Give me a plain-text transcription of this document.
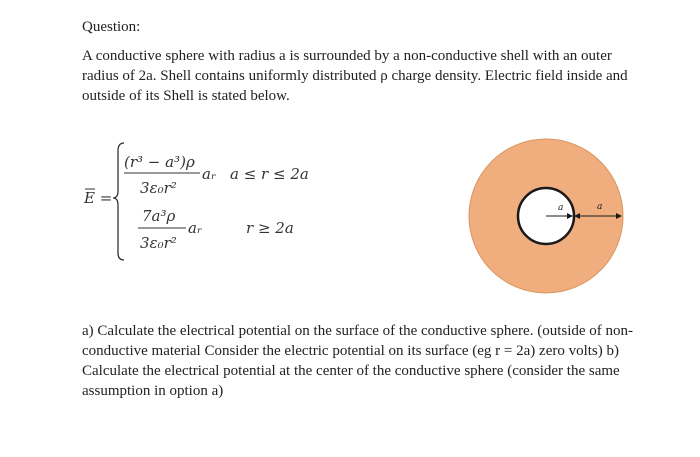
Question:

A conductive sphere with radius a is surrounded by a non-conductive shell with an outer radius of 2a. Shell contains uniformly distributed ρ charge density. Electric field inside and outside of its Shell is stated below.

E =
(r³ − a³)ρ
3ε₀r²
aᵣ a ≤ r ≤ 2a
7a³ρ
3ε₀r²
aᵣ	r ≥ 2a
a	a

a) Calculate the electrical potential on the surface of the conductive sphere. (outside of non-conductive material Consider the electric potential on its surface (eg r = 2a) zero volts) b) Calculate the electrical potential at the center of the conductive sphere (consider the same assumption in option a)
